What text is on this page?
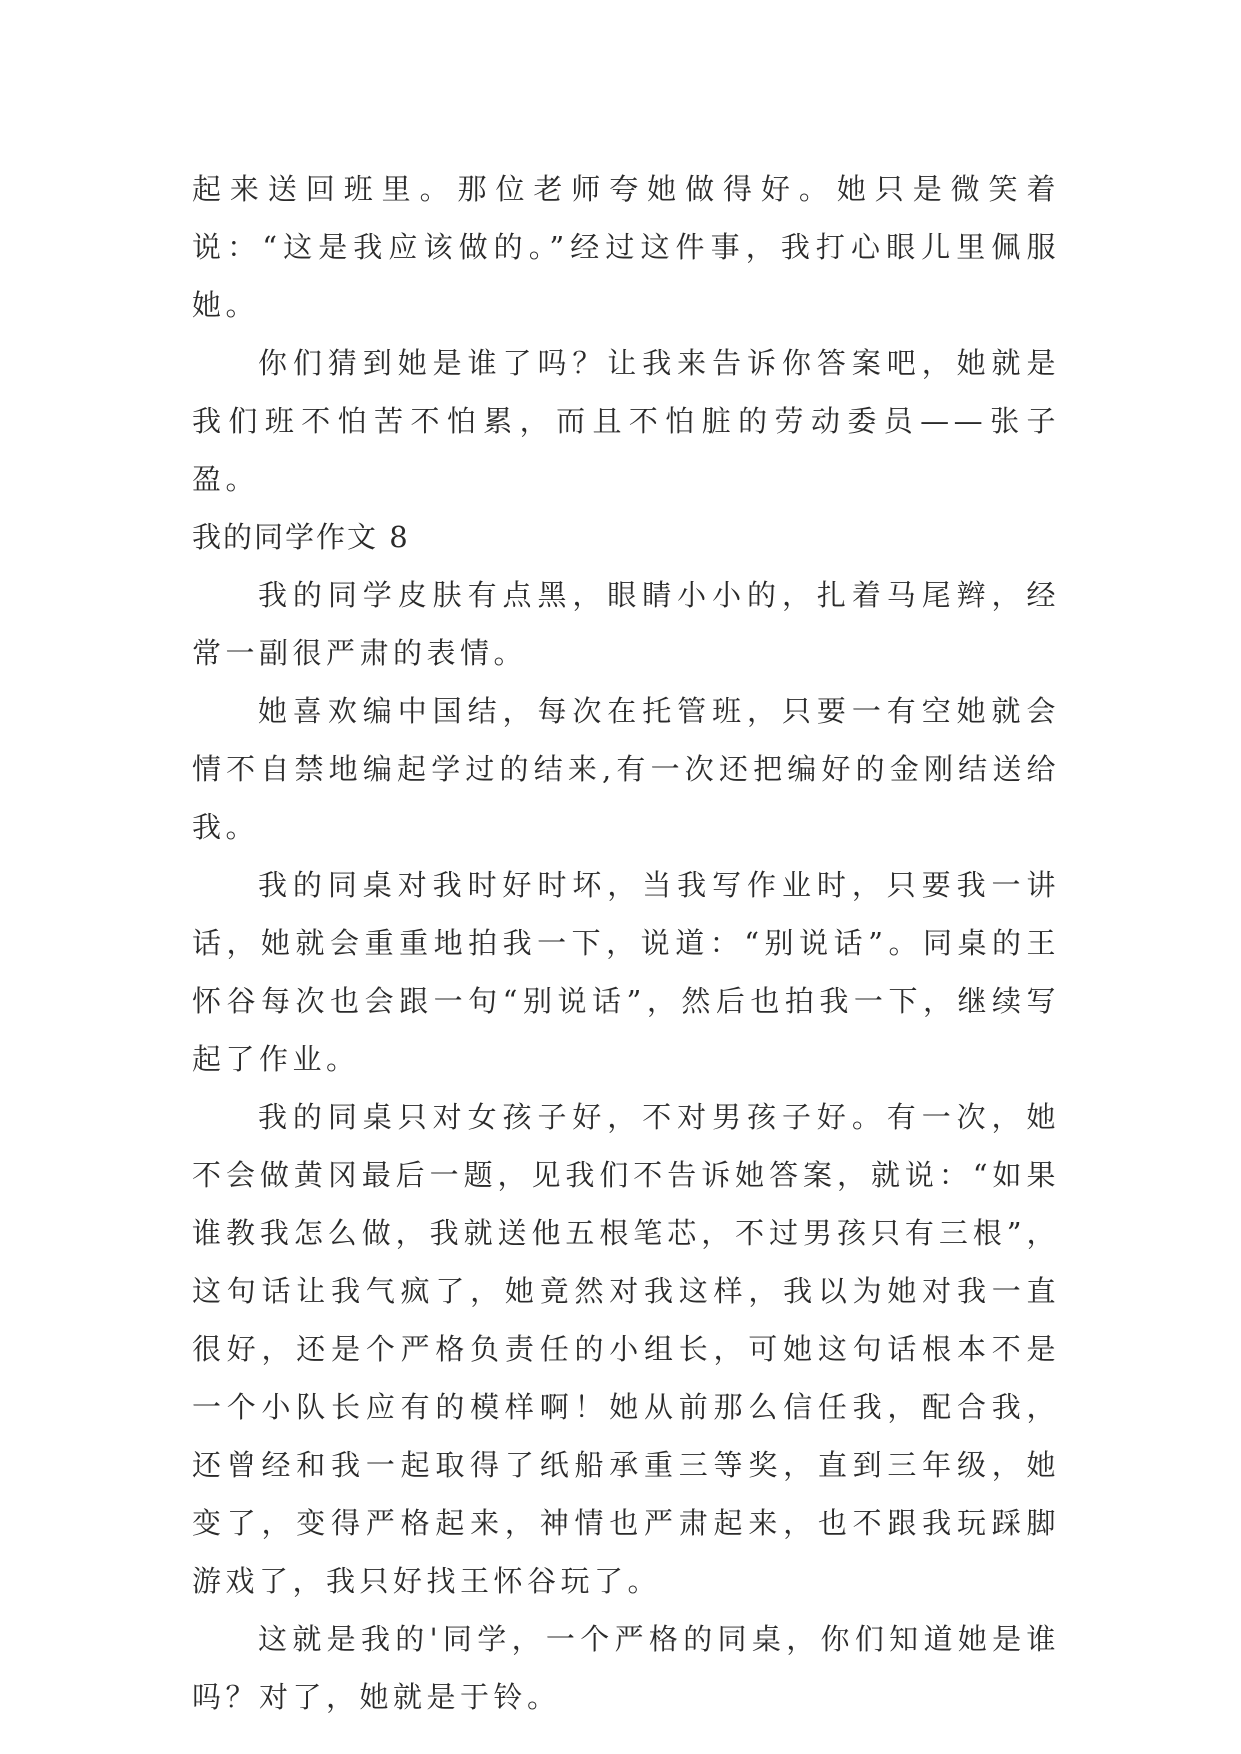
起来送回班里。那位老师夸她做得好。她只是微笑着说：“这是我应该做的。”经过这件事，我打心眼儿里佩服她。

你们猜到她是谁了吗？让我来告诉你答案吧，她就是我们班不怕苦不怕累，而且不怕脏的劳动委员——张子盈。

我的同学作文 8

我的同学皮肤有点黑，眼睛小小的，扎着马尾辫，经常一副很严肃的表情。

她喜欢编中国结，每次在托管班，只要一有空她就会情不自禁地编起学过的结来,有一次还把编好的金刚结送给我。

我的同桌对我时好时坏，当我写作业时，只要我一讲话，她就会重重地拍我一下，说道：“别说话”。同桌的王怀谷每次也会跟一句“别说话”，然后也拍我一下，继续写起了作业。

我的同桌只对女孩子好，不对男孩子好。有一次，她不会做黄冈最后一题，见我们不告诉她答案，就说：“如果谁教我怎么做，我就送他五根笔芯，不过男孩只有三根”，这句话让我气疯了，她竟然对我这样，我以为她对我一直很好，还是个严格负责任的小组长，可她这句话根本不是一个小队长应有的模样啊！她从前那么信任我，配合我，还曾经和我一起取得了纸船承重三等奖，直到三年级，她变了，变得严格起来，神情也严肃起来，也不跟我玩踩脚游戏了，我只好找王怀谷玩了。

这就是我的'同学，一个严格的同桌，你们知道她是谁吗？对了，她就是于铃。
